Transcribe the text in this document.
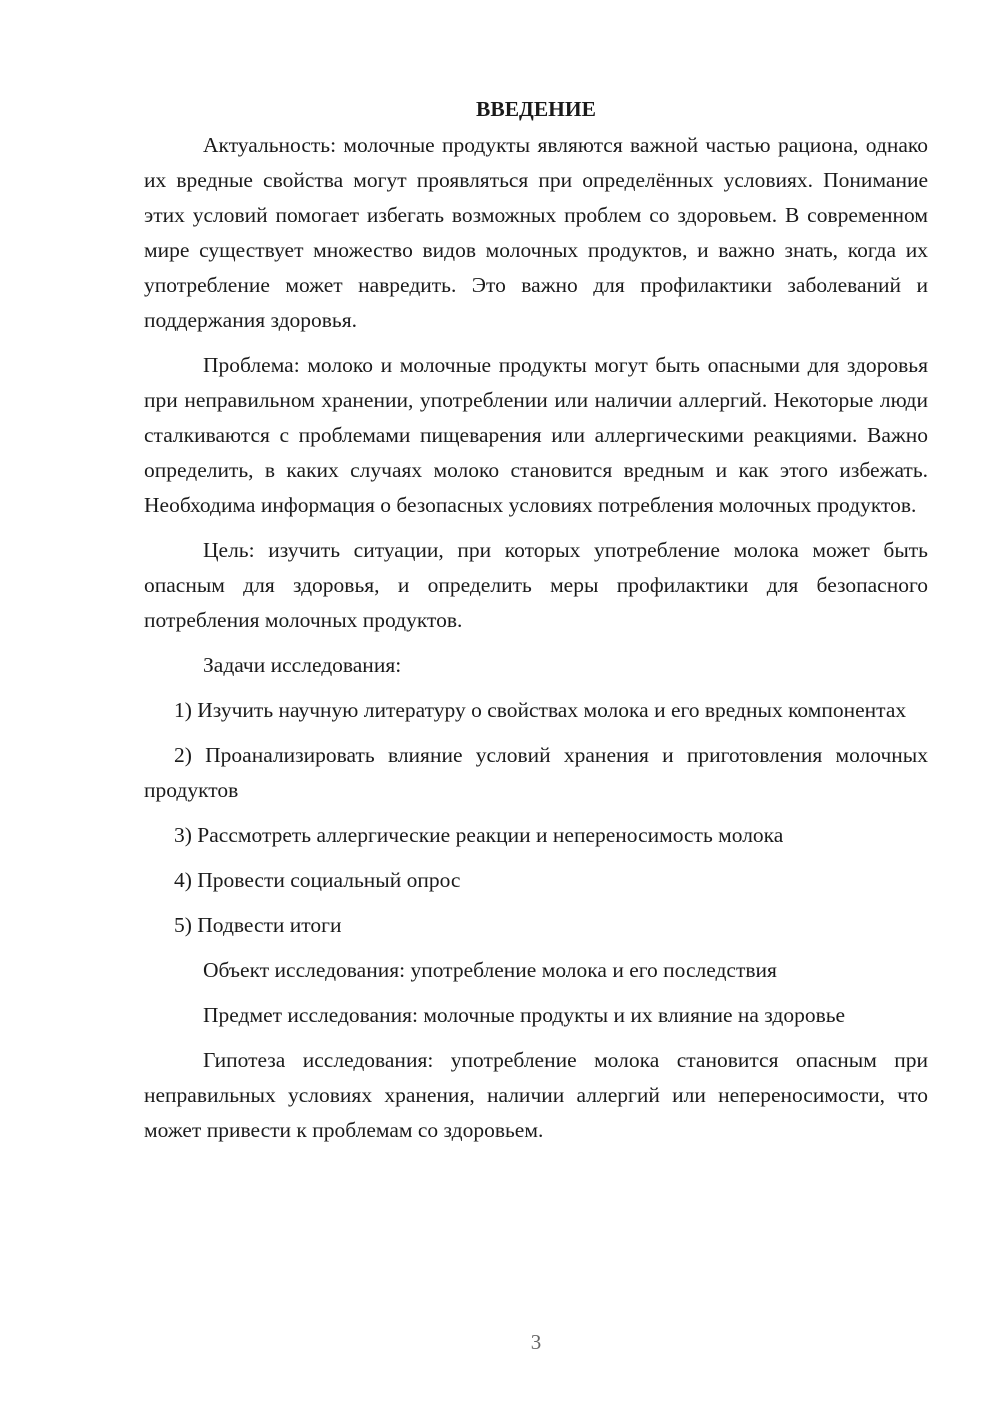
ВВЕДЕНИЕ

Актуальность: молочные продукты являются важной частью рациона, однако их вредные свойства могут проявляться при определённых условиях. Понимание этих условий помогает избегать возможных проблем со здоровьем. В современном мире существует множество видов молочных продуктов, и важно знать, когда их употребление может навредить. Это важно для профилактики заболеваний и поддержания здоровья.

Проблема: молоко и молочные продукты могут быть опасными для здоровья при неправильном хранении, употреблении или наличии аллергий. Некоторые люди сталкиваются с проблемами пищеварения или аллергическими реакциями. Важно определить, в каких случаях молоко становится вредным и как этого избежать. Необходима информация о безопасных условиях потребления молочных продуктов.

Цель: изучить ситуации, при которых употребление молока может быть опасным для здоровья, и определить меры профилактики для безопасного потребления молочных продуктов.

Задачи исследования:

1) Изучить научную литературу о свойствах молока и его вредных компонентах

2) Проанализировать влияние условий хранения и приготовления молочных продуктов

3) Рассмотреть аллергические реакции и непереносимость молока

4) Провести социальный опрос

5) Подвести итоги

Объект исследования: употребление молока и его последствия

Предмет исследования: молочные продукты и их влияние на здоровье

Гипотеза исследования: употребление молока становится опасным при неправильных условиях хранения, наличии аллергий или непереносимости, что может привести к проблемам со здоровьем.

3
